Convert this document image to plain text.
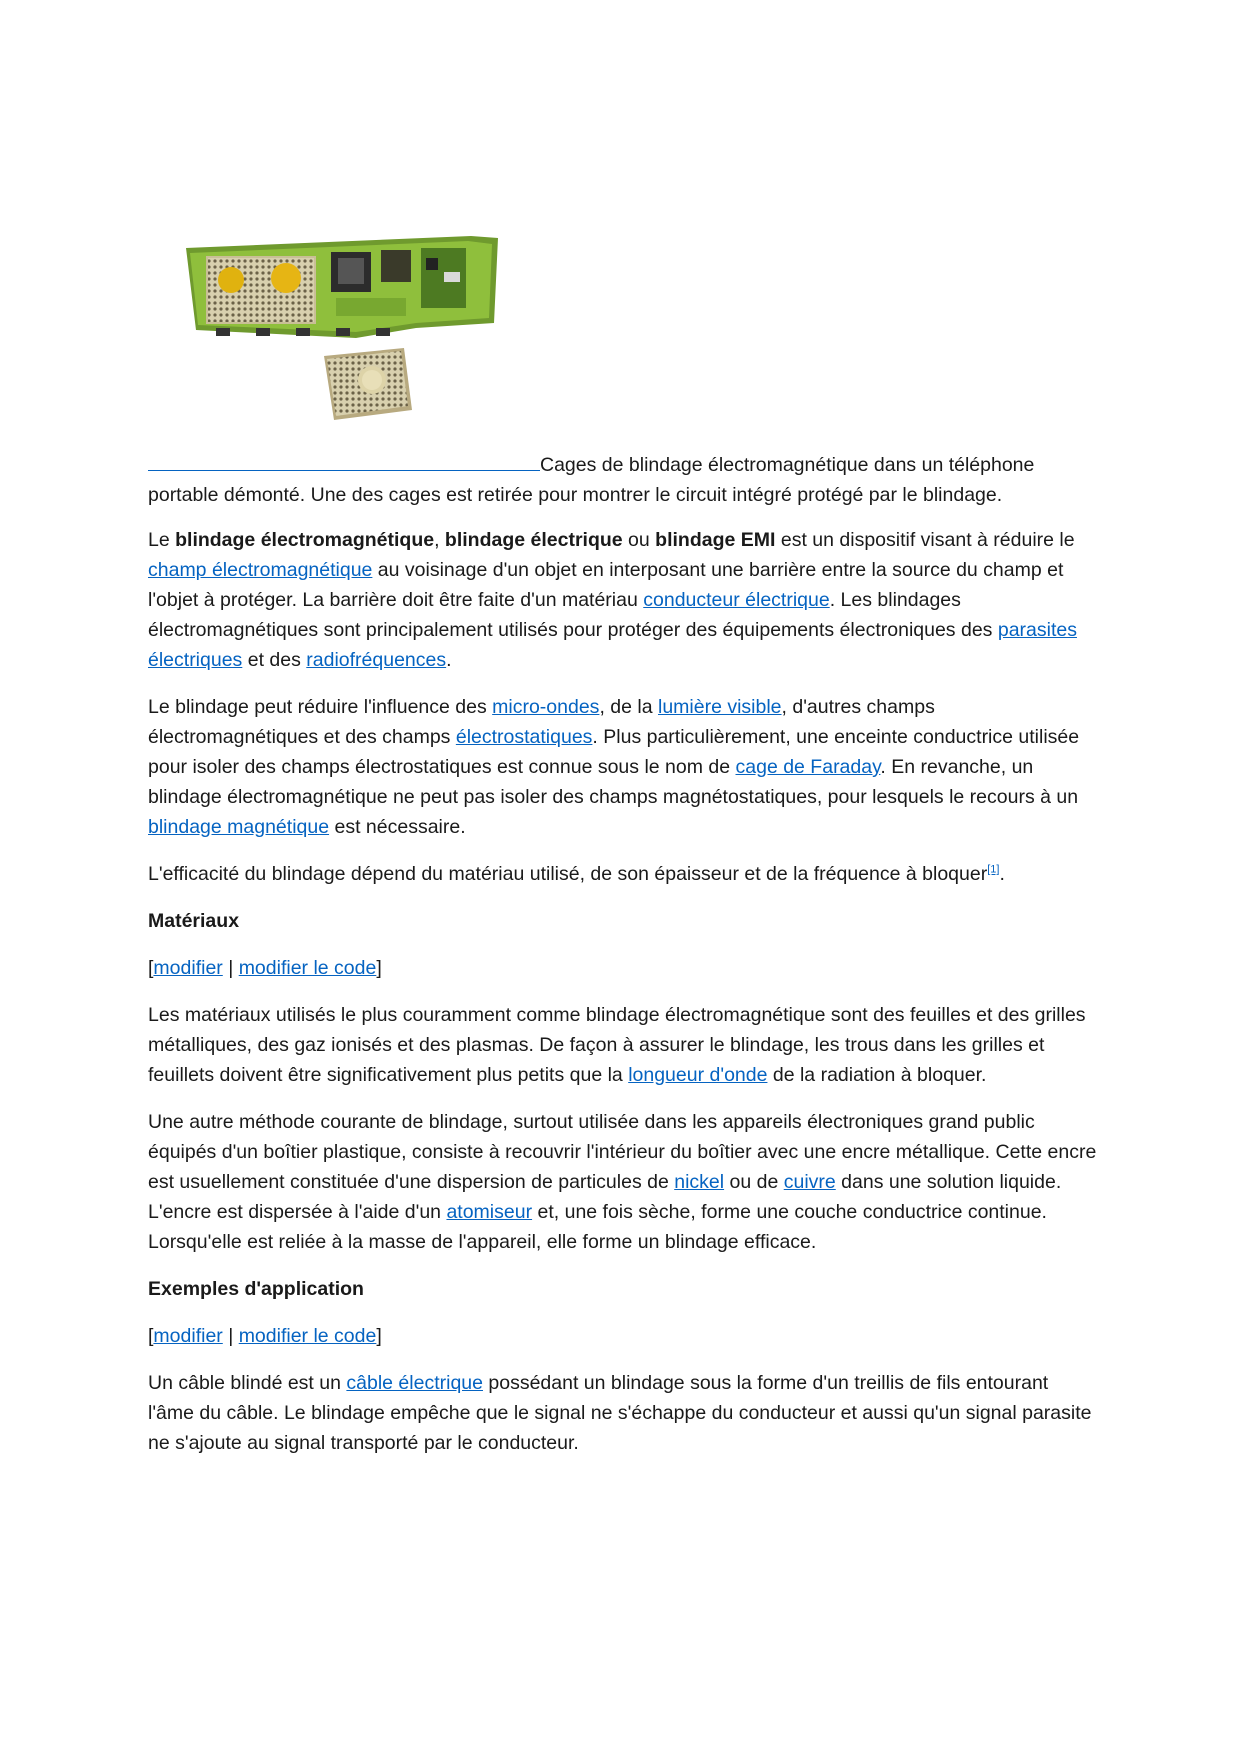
Cages de blindage électromagnétique dans un téléphone portable démonté. Une des cages est retirée pour montrer le circuit intégré protégé par le blindage.

Le blindage électromagnétique, blindage électrique ou blindage EMI est un dispositif visant à réduire le champ électromagnétique au voisinage d'un objet en interposant une barrière entre la source du champ et l'objet à protéger. La barrière doit être faite d'un matériau conducteur électrique. Les blindages électromagnétiques sont principalement utilisés pour protéger des équipements électroniques des parasites électriques et des radiofréquences.

Le blindage peut réduire l'influence des micro-ondes, de la lumière visible, d'autres champs électromagnétiques et des champs électrostatiques. Plus particulièrement, une enceinte conductrice utilisée pour isoler des champs électrostatiques est connue sous le nom de cage de Faraday. En revanche, un blindage électromagnétique ne peut pas isoler des champs magnétostatiques, pour lesquels le recours à un blindage magnétique est nécessaire.

L'efficacité du blindage dépend du matériau utilisé, de son épaisseur et de la fréquence à bloquer[1].

Matériaux

[modifier | modifier le code]

Les matériaux utilisés le plus couramment comme blindage électromagnétique sont des feuilles et des grilles métalliques, des gaz ionisés et des plasmas. De façon à assurer le blindage, les trous dans les grilles et feuillets doivent être significativement plus petits que la longueur d'onde de la radiation à bloquer.

Une autre méthode courante de blindage, surtout utilisée dans les appareils électroniques grand public équipés d'un boîtier plastique, consiste à recouvrir l'intérieur du boîtier avec une encre métallique. Cette encre est usuellement constituée d'une dispersion de particules de nickel ou de cuivre dans une solution liquide. L'encre est dispersée à l'aide d'un atomiseur et, une fois sèche, forme une couche conductrice continue. Lorsqu'elle est reliée à la masse de l'appareil, elle forme un blindage efficace.

Exemples d'application

[modifier | modifier le code]

Un câble blindé est un câble électrique possédant un blindage sous la forme d'un treillis de fils entourant l'âme du câble. Le blindage empêche que le signal ne s'échappe du conducteur et aussi qu'un signal parasite ne s'ajoute au signal transporté par le conducteur.
